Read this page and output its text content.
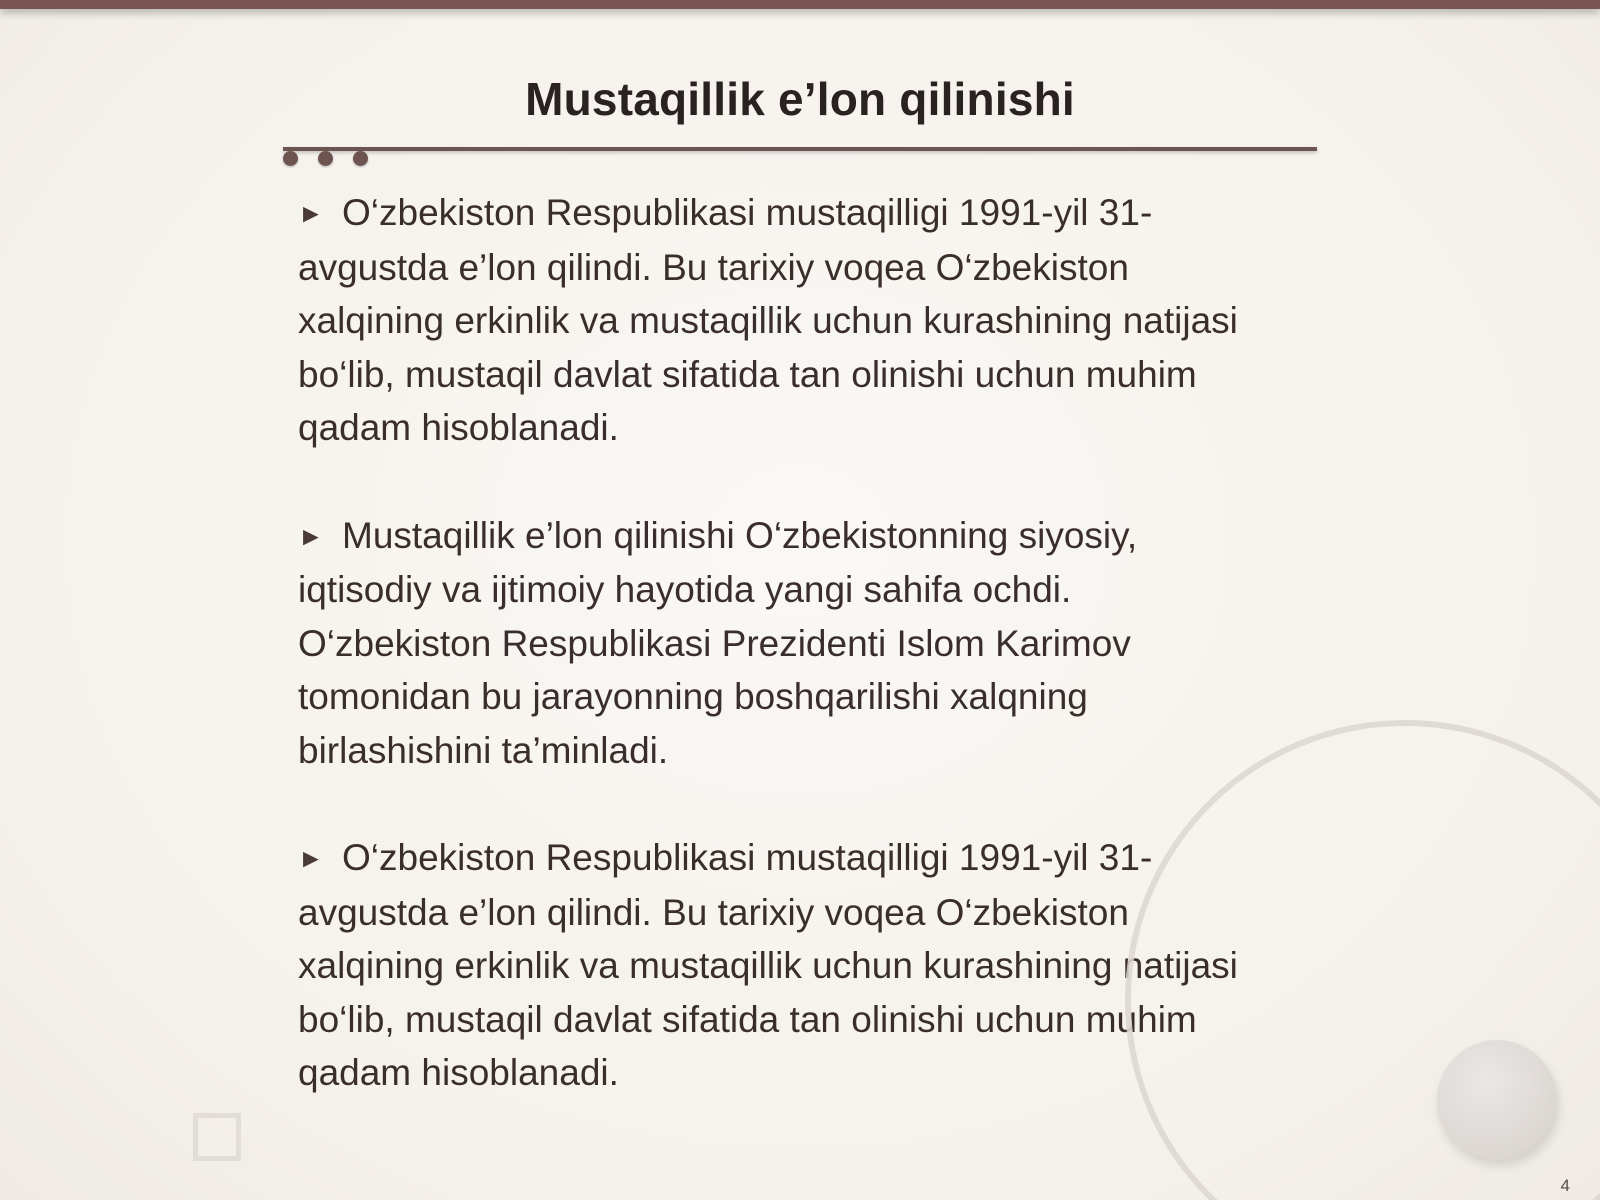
Mustaqillik e’lon qilinishi

► O‘zbekiston Respublikasi mustaqilligi 1991-yil 31-avgustda e’lon qilindi. Bu tarixiy voqea O‘zbekiston xalqining erkinlik va mustaqillik uchun kurashining natijasi bo‘lib, mustaqil davlat sifatida tan olinishi uchun muhim qadam hisoblanadi.

► Mustaqillik e’lon qilinishi O‘zbekistonning siyosiy, iqtisodiy va ijtimoiy hayotida yangi sahifa ochdi. O‘zbekiston Respublikasi Prezidenti Islom Karimov tomonidan bu jarayonning boshqarilishi xalqning birlashishini ta’minladi.

► O‘zbekiston Respublikasi mustaqilligi 1991-yil 31-avgustda e’lon qilindi. Bu tarixiy voqea O‘zbekiston xalqining erkinlik va mustaqillik uchun kurashining natijasi bo‘lib, mustaqil davlat sifatida tan olinishi uchun muhim qadam hisoblanadi.

4
